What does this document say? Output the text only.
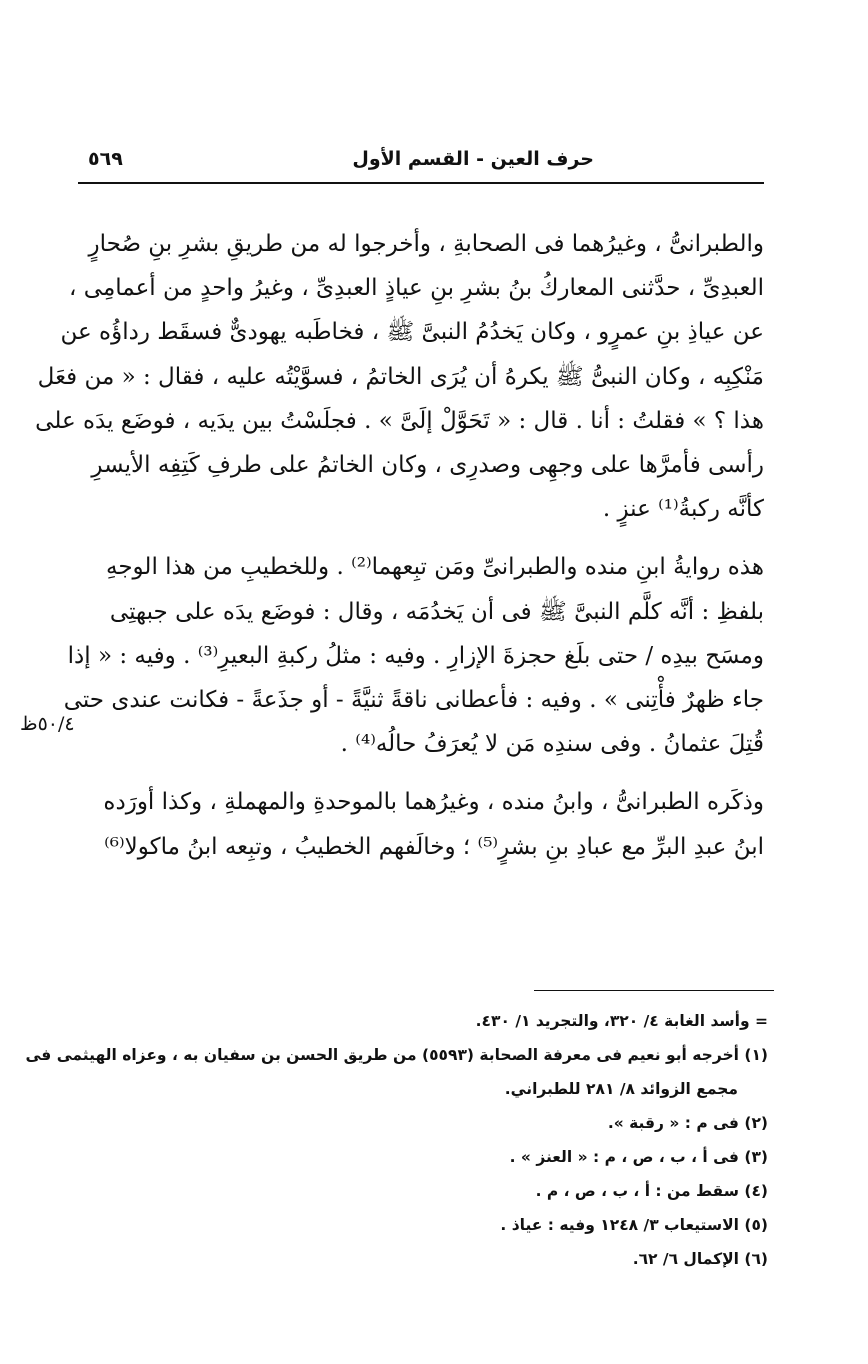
حرف العين - القسم الأول
٥٦٩
والطبرانىُّ ، وغيرُهما فى الصحابةِ ، وأخرجوا له من طريقِ بشرِ بنِ صُحارٍ
العبدِىِّ ، حدَّثنى المعاركُ بنُ بشرِ بنِ عياذٍ العبدِىِّ ، وغيرُ واحدٍ من أعمامِى ،
عن عياذِ بنِ عمرٍو ، وكان يَخدُمُ النبىَّ ﷺ ، فخاطَبه يهودىٌّ فسقَط رداؤُه عن
مَنْكِبِه ، وكان النبىُّ ﷺ يكرهُ أن يُرَى الخاتمُ ، فسوَّيْتُه عليه ، فقال : « من فعَل
هذا ؟ » فقلتُ : أنا . قال : « تَحَوَّلْ إلَىَّ » . فجلَسْتُ بين يدَيه ، فوضَع يدَه على
رأسى فأمرَّها على وجهِى وصدرِى ، وكان الخاتمُ على طرفِ كَتِفِه الأيسرِ
كأنَّه ركبةُ⁽¹⁾ عنزٍ .
هذه روايةُ ابنِ منده والطبرانىِّ ومَن تبِعهما⁽²⁾ . وللخطيبِ من هذا الوجهِ
بلفظِ : أنَّه كلَّم النبىَّ ﷺ فى أن يَخدُمَه ، وقال : فوضَع يدَه على جبهتِى
ومسَح بيدِه / حتى بلَغ حجزةَ الإزارِ . وفيه : مثلُ ركبةِ البعيرِ⁽³⁾ . وفيه : « إذا
جاء ظهرٌ فأْتِنى » . وفيه : فأعطانى ناقةً ثنيَّةً - أو جذَعةً - فكانت عندى حتى
قُتِلَ عثمانُ . وفى سندِه مَن لا يُعرَفُ حالُه⁽⁴⁾ .
وذكَره الطبرانىُّ ، وابنُ منده ، وغيرُهما بالموحدةِ والمهملةِ ، وكذا أورَده
ابنُ عبدِ البرِّ مع عبادِ بنِ بشرٍ⁽⁵⁾ ؛ وخالَفهم الخطيبُ ، وتبِعه ابنُ ماكولا⁽⁶⁾
٥٠/٤ظ

= وأسد الغابة ٤/ ٣٢٠، والتجريد ١/ ٤٣٠.

(١) أخرجه أبو نعيم فى معرفة الصحابة (٥٥٩٣) من طريق الحسن بن سفيان به ، وعزاه الهيثمى فى

مجمع الزوائد ٨/ ٢٨١ للطبراني.

(٢) فى م : « رقبة ».

(٣) فى أ ، ب ، ص ، م : « العنز » .

(٤) سقط من : أ ، ب ، ص ، م .

(٥) الاستيعاب ٣/ ١٢٤٨ وفيه : عياذ .

(٦) الإكمال ٦/ ٦٢.
